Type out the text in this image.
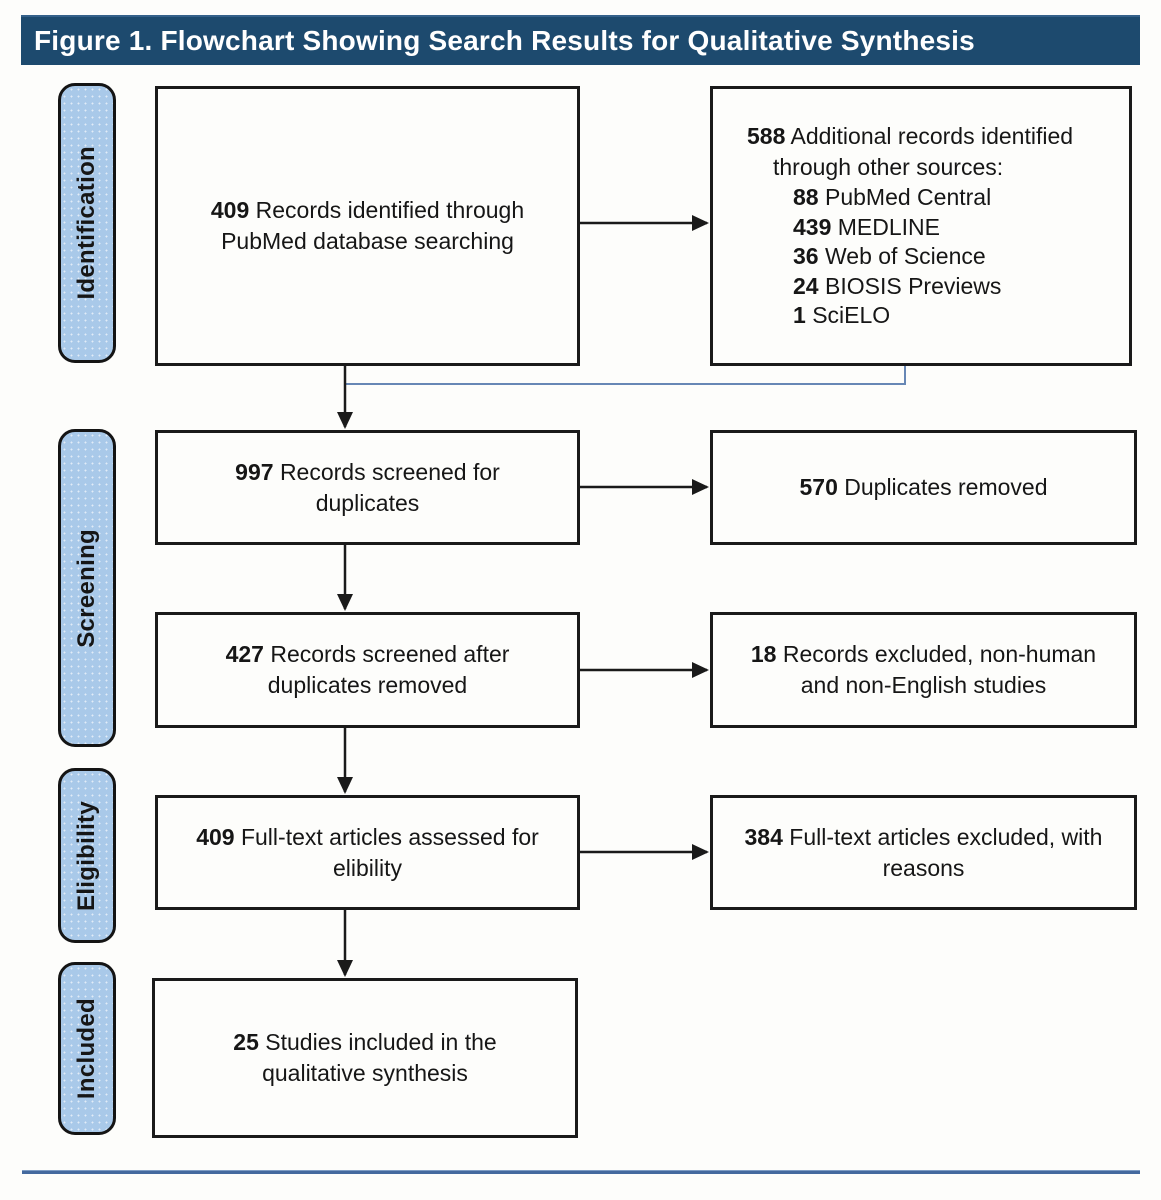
Figure 1. Flowchart Showing Search Results for Qualitative Synthesis
Identification
Screening
Eligibility
Included

409 Records identified through PubMed database searching

588 Additional records identified through other sources:

88 PubMed Central
439 MEDLINE
36 Web of Science
24 BIOSIS Previews
1 SciELO

997 Records screened for duplicates

570 Duplicates removed

427 Records screened after duplicates removed

18 Records excluded, non-human and non-English studies

409 Full-text articles assessed for elibility

384 Full-text articles excluded, with reasons

25 Studies included in the qualitative synthesis
